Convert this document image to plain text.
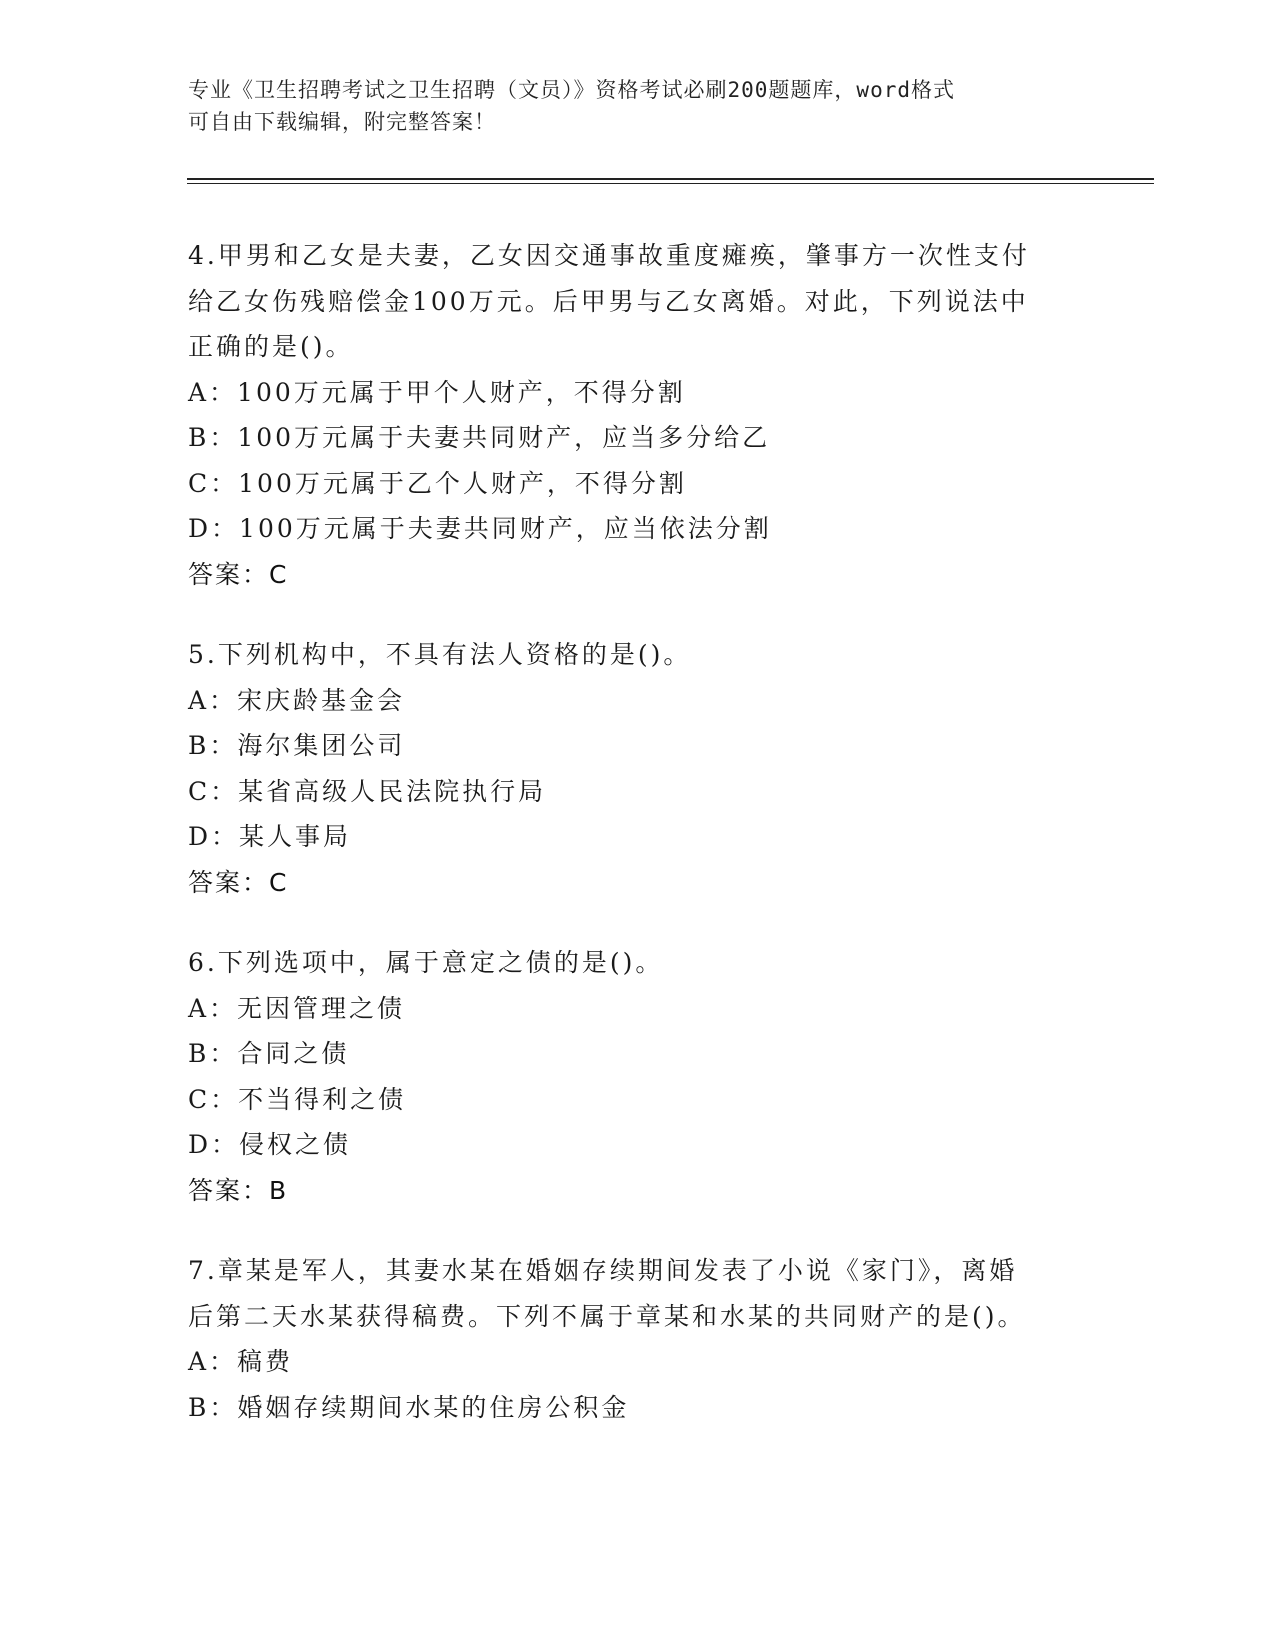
专业《卫生招聘考试之卫生招聘（文员）》资格考试必刷200题题库，word格式
可自由下载编辑，附完整答案！
4.甲男和乙女是夫妻，乙女因交通事故重度瘫痪，肇事方一次性支付
给乙女伤残赔偿金100万元。后甲男与乙女离婚。对此，下列说法中
正确的是()。
A：100万元属于甲个人财产，不得分割
B：100万元属于夫妻共同财产，应当多分给乙
C：100万元属于乙个人财产，不得分割
D：100万元属于夫妻共同财产，应当依法分割
答案：C
5.下列机构中，不具有法人资格的是()。
A：宋庆龄基金会
B：海尔集团公司
C：某省高级人民法院执行局
D：某人事局
答案：C
6.下列选项中，属于意定之债的是()。
A：无因管理之债
B：合同之债
C：不当得利之债
D：侵权之债
答案：B
7.章某是军人，其妻水某在婚姻存续期间发表了小说《家门》，离婚
后第二天水某获得稿费。下列不属于章某和水某的共同财产的是()。
A：稿费
B：婚姻存续期间水某的住房公积金
